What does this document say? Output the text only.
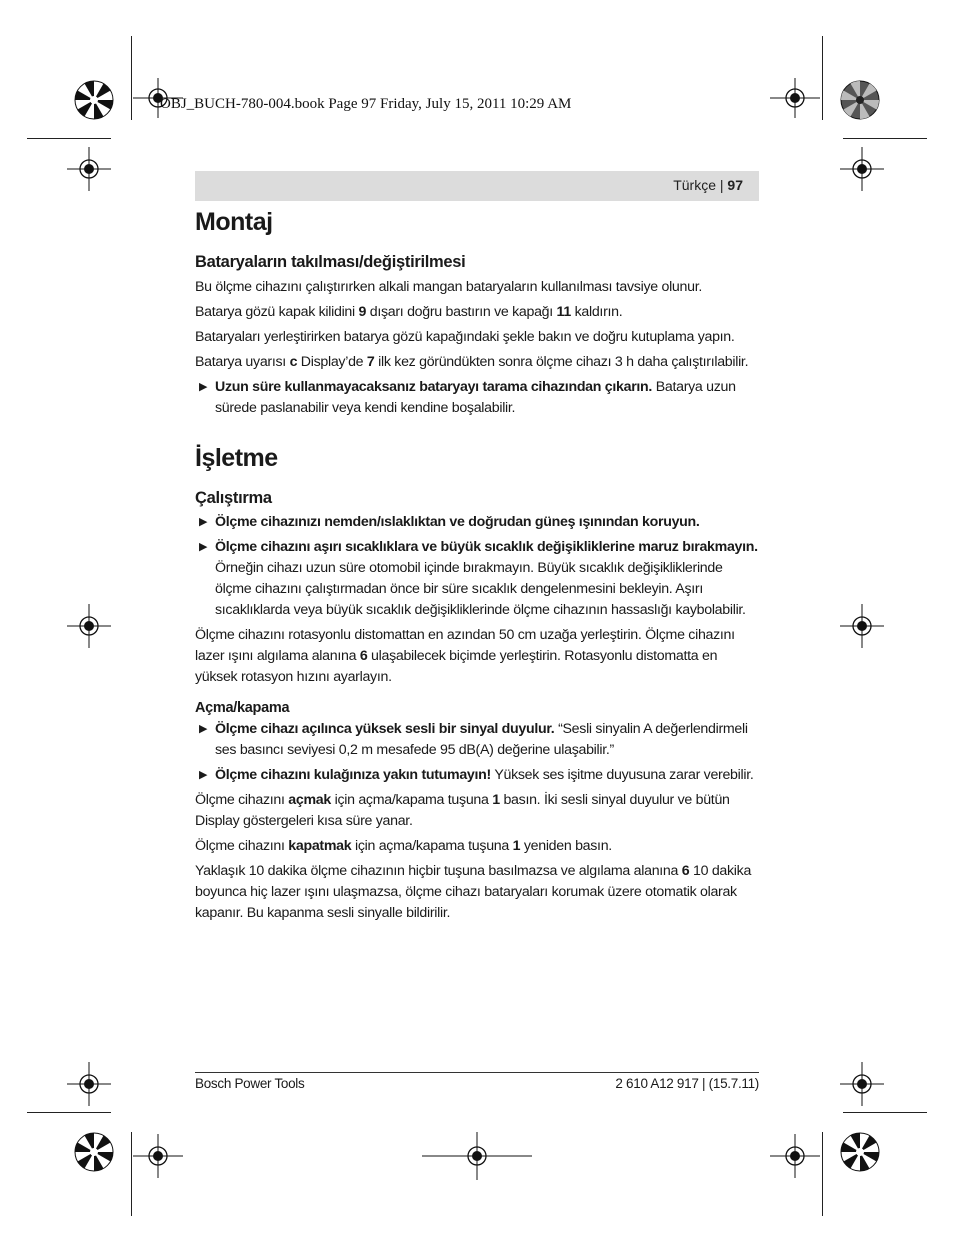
OBJ_BUCH-780-004.book Page 97 Friday, July 15, 2011 10:29 AM
Türkçe | 97
Montaj
Bataryaların takılması/değiştirilmesi

Bu ölçme cihazını çalıştırırken alkali mangan bataryaların kullanılması tavsiye olunur.

Batarya gözü kapak kilidini 9 dışarı doğru bastırın ve kapağı 11 kaldırın.

Bataryaları yerleştirirken batarya gözü kapağındaki şekle bakın ve doğru kutuplama yapın.

Batarya uyarısı c Display’de 7 ilk kez göründükten sonra ölçme cihazı 3 h daha çalıştırılabilir.

▶ Uzun süre kullanmayacaksanız bataryayı tarama cihazından çıkarın. Batarya uzun sürede paslanabilir veya kendi kendine boşalabilir.
İşletme
Çalıştırma
▶ Ölçme cihazınızı nemden/ıslaklıktan ve doğrudan güneş ışınından koruyun.
▶ Ölçme cihazını aşırı sıcaklıklara ve büyük sıcaklık değişikliklerine maruz bırakmayın. Örneğin cihazı uzun süre otomobil içinde bırakmayın. Büyük sıcaklık değişikliklerinde ölçme cihazını çalıştırmadan önce bir süre sıcaklık dengelenmesini bekleyin. Aşırı sıcaklıklarda veya büyük sıcaklık değişikliklerinde ölçme cihazının hassaslığı kaybolabilir.

Ölçme cihazını rotasyonlu distomattan en azından 50 cm uzağa yerleştirin. Ölçme cihazını lazer ışını algılama alanına 6 ulaşabilecek biçimde yerleştirin. Rotasyonlu distomatta en yüksek rotasyon hızını ayarlayın.

Açma/kapama
▶ Ölçme cihazı açılınca yüksek sesli bir sinyal duyulur. “Sesli sinyalin A değerlendirmeli ses basıncı seviyesi 0,2 m mesafede 95 dB(A) değerine ulaşabilir.”
▶ Ölçme cihazını kulağınıza yakın tutumayın! Yüksek ses işitme duyusuna zarar verebilir.

Ölçme cihazını açmak için açma/kapama tuşuna 1 basın. İki sesli sinyal duyulur ve bütün Display göstergeleri kısa süre yanar.

Ölçme cihazını kapatmak için açma/kapama tuşuna 1 yeniden basın.

Yaklaşık 10 dakika ölçme cihazının hiçbir tuşuna basılmazsa ve algılama alanına 6 10 dakika boyunca hiç lazer ışını ulaşmazsa, ölçme cihazı bataryaları korumak üzere otomatik olarak kapanır. Bu kapanma sesli sinyalle bildirilir.

Bosch Power Tools	2 610 A12 917 | (15.7.11)
